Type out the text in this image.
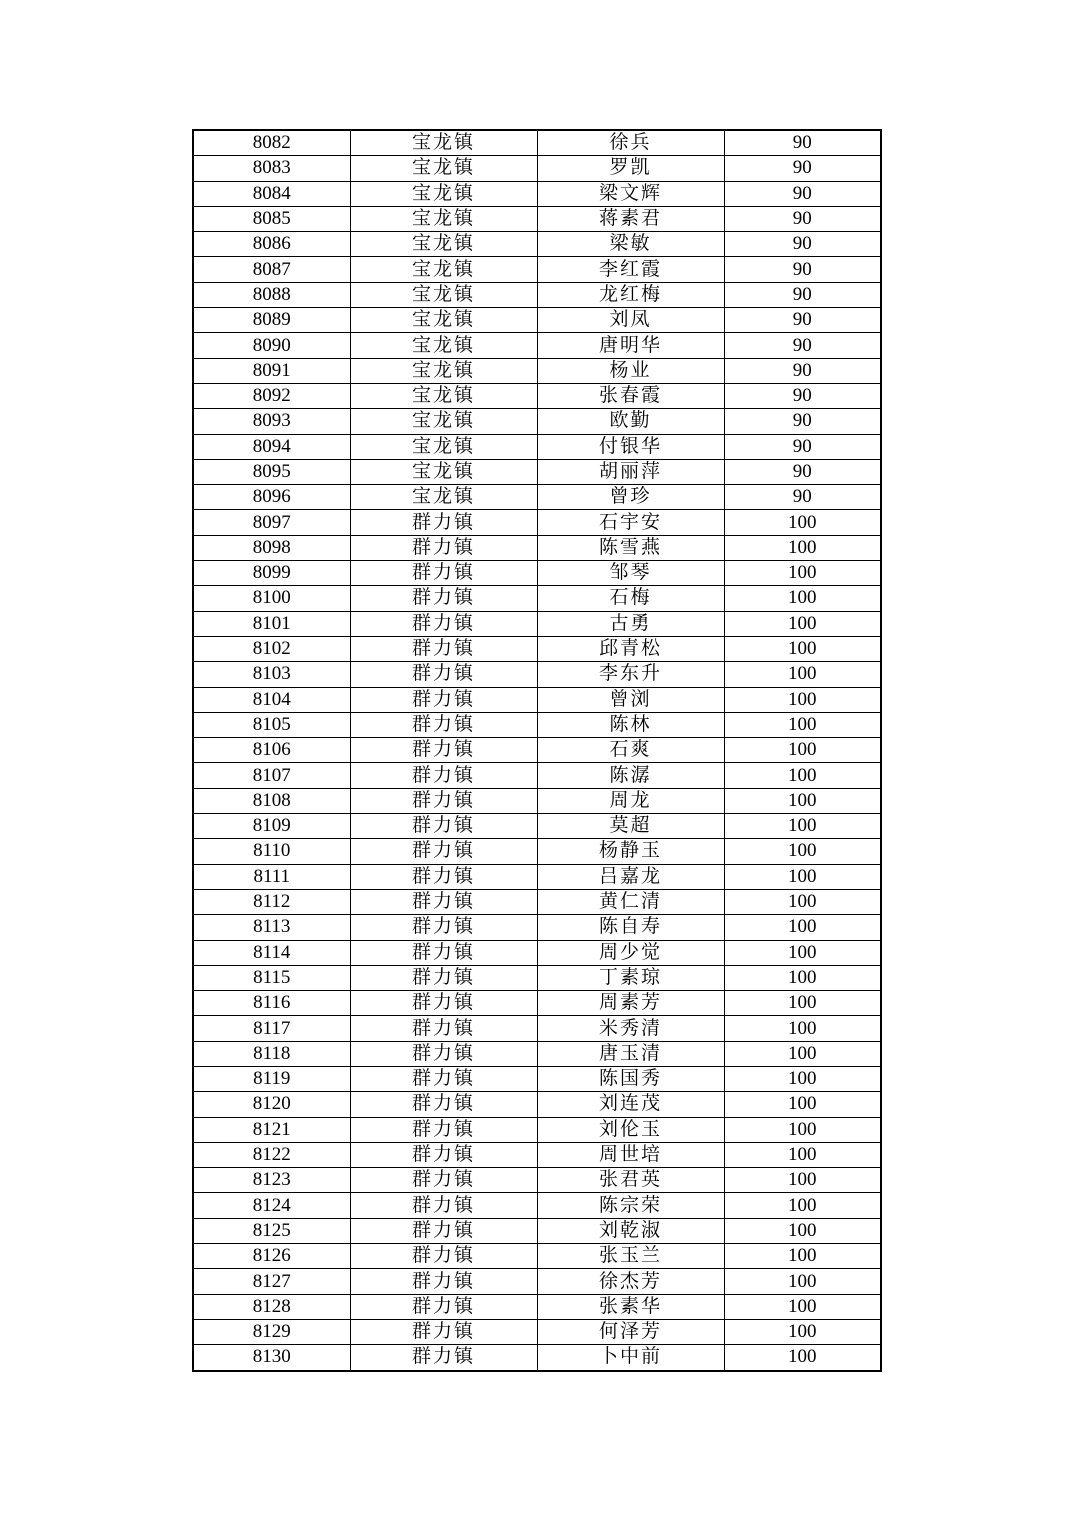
8082	宝龙镇	徐兵	90
8083	宝龙镇	罗凯	90
8084	宝龙镇	梁文辉	90
8085	宝龙镇	蒋素君	90
8086	宝龙镇	梁敏	90
8087	宝龙镇	李红霞	90
8088	宝龙镇	龙红梅	90
8089	宝龙镇	刘凤	90
8090	宝龙镇	唐明华	90
8091	宝龙镇	杨业	90
8092	宝龙镇	张春霞	90
8093	宝龙镇	欧勤	90
8094	宝龙镇	付银华	90
8095	宝龙镇	胡丽萍	90
8096	宝龙镇	曾珍	90
8097	群力镇	石宇安	100
8098	群力镇	陈雪燕	100
8099	群力镇	邹琴	100
8100	群力镇	石梅	100
8101	群力镇	古勇	100
8102	群力镇	邱青松	100
8103	群力镇	李东升	100
8104	群力镇	曾浏	100
8105	群力镇	陈林	100
8106	群力镇	石爽	100
8107	群力镇	陈潺	100
8108	群力镇	周龙	100
8109	群力镇	莫超	100
8110	群力镇	杨静玉	100
8111	群力镇	吕嘉龙	100
8112	群力镇	黄仁清	100
8113	群力镇	陈自寿	100
8114	群力镇	周少觉	100
8115	群力镇	丁素琼	100
8116	群力镇	周素芳	100
8117	群力镇	米秀清	100
8118	群力镇	唐玉清	100
8119	群力镇	陈国秀	100
8120	群力镇	刘连茂	100
8121	群力镇	刘伦玉	100
8122	群力镇	周世培	100
8123	群力镇	张君英	100
8124	群力镇	陈宗荣	100
8125	群力镇	刘乾淑	100
8126	群力镇	张玉兰	100
8127	群力镇	徐杰芳	100
8128	群力镇	张素华	100
8129	群力镇	何泽芳	100
8130	群力镇	卜中前	100
